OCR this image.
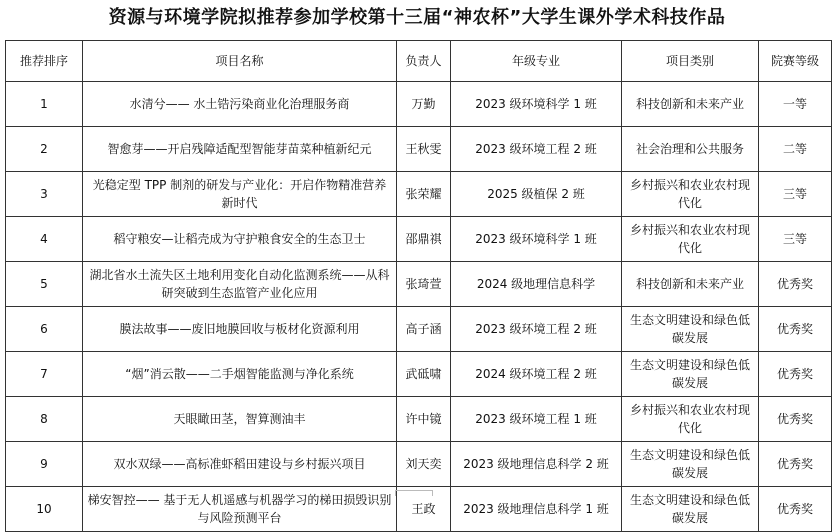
资源与环境学院拟推荐参加学校第十三届“神农杯”大学生课外学术科技作品
推荐排序	项目名称	负责人	年级专业	项目类别	院赛等级
1	水清兮—— 水土锆污染商业化治理服务商	万勤	2023 级环境科学 1 班	科技创新和未来产业	一等
2	智愈芽——开启残障适配型智能芽苗菜种植新纪元	王秋雯	2023 级环境工程 2 班	社会治理和公共服务	二等
3	光稳定型 TPP 制剂的研发与产业化：开启作物精准营养新时代	张荣耀	2025 级植保 2 班	乡村振兴和农业农村现代化	三等
4	稻守粮安—让稻壳成为守护粮食安全的生态卫士	邵鼎祺	2023 级环境科学 1 班	乡村振兴和农业农村现代化	三等
5	湖北省水土流失区土地利用变化自动化监测系统——从科研突破到生态监管产业化应用	张琦萱	2024 级地理信息科学	科技创新和未来产业	优秀奖
6	膜法故事——废旧地膜回收与板材化资源利用	高子涵	2023 级环境工程 2 班	生态文明建设和绿色低碳发展	优秀奖
7	“烟”消云散——二手烟智能监测与净化系统	武砥啸	2024 级环境工程 2 班	生态文明建设和绿色低碳发展	优秀奖
8	天眼瞰田茎，智算测油丰	许中镜	2023 级环境工程 1 班	乡村振兴和农业农村现代化	优秀奖
9	双水双绿——高标准虾稻田建设与乡村振兴项目	刘天奕	2023 级地理信息科学 2 班	生态文明建设和绿色低碳发展	优秀奖
10	梯安智控—— 基于无人机遥感与机器学习的梯田损毁识别与风险预测平台	王政	2023 级地理信息科学 1 班	生态文明建设和绿色低碳发展	优秀奖
